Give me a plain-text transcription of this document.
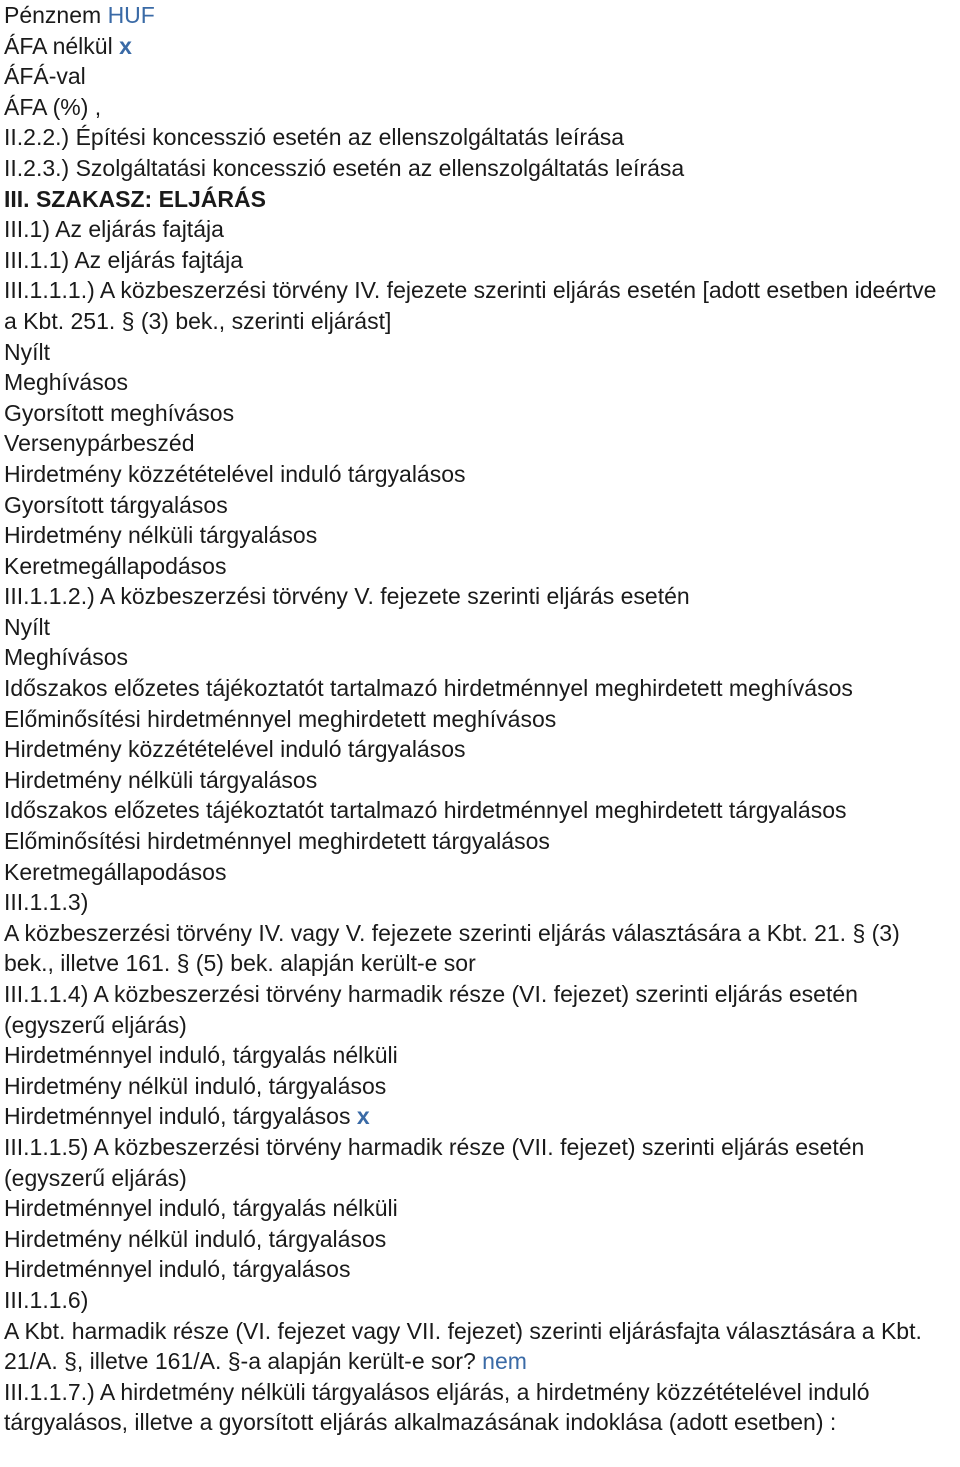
Pénznem HUF
ÁFA nélkül x
ÁFÁ-val
ÁFA (%) ,
II.2.2.) Építési koncesszió esetén az ellenszolgáltatás leírása
II.2.3.) Szolgáltatási koncesszió esetén az ellenszolgáltatás leírása
III. SZAKASZ: ELJÁRÁS
III.1) Az eljárás fajtája
III.1.1) Az eljárás fajtája
III.1.1.1.) A közbeszerzési törvény IV. fejezete szerinti eljárás esetén [adott esetben ideértve a Kbt. 251. § (3) bek., szerinti eljárást]
Nyílt
Meghívásos
Gyorsított meghívásos
Versenypárbeszéd
Hirdetmény közzétételével induló tárgyalásos
Gyorsított tárgyalásos
Hirdetmény nélküli tárgyalásos
Keretmegállapodásos
III.1.1.2.) A közbeszerzési törvény V. fejezete szerinti eljárás esetén
Nyílt
Meghívásos
Időszakos előzetes tájékoztatót tartalmazó hirdetménnyel meghirdetett meghívásos
Előminősítési hirdetménnyel meghirdetett meghívásos
Hirdetmény közzétételével induló tárgyalásos
Hirdetmény nélküli tárgyalásos
Időszakos előzetes tájékoztatót tartalmazó hirdetménnyel meghirdetett tárgyalásos
Előminősítési hirdetménnyel meghirdetett tárgyalásos
Keretmegállapodásos
III.1.1.3)
A közbeszerzési törvény IV. vagy V. fejezete szerinti eljárás választására a Kbt. 21. § (3) bek., illetve 161. § (5) bek. alapján került-e sor
III.1.1.4) A közbeszerzési törvény harmadik része (VI. fejezet) szerinti eljárás esetén (egyszerű eljárás)
Hirdetménnyel induló, tárgyalás nélküli
Hirdetmény nélkül induló, tárgyalásos
Hirdetménnyel induló, tárgyalásos x
III.1.1.5) A közbeszerzési törvény harmadik része (VII. fejezet) szerinti eljárás esetén (egyszerű eljárás)
Hirdetménnyel induló, tárgyalás nélküli
Hirdetmény nélkül induló, tárgyalásos
Hirdetménnyel induló, tárgyalásos
III.1.1.6)
A Kbt. harmadik része (VI. fejezet vagy VII. fejezet) szerinti eljárásfajta választására a Kbt. 21/A. §, illetve 161/A. §-a alapján került-e sor? nem
III.1.1.7.) A hirdetmény nélküli tárgyalásos eljárás, a hirdetmény közzétételével induló tárgyalásos, illetve a gyorsított eljárás alkalmazásának indoklása (adott esetben) :
